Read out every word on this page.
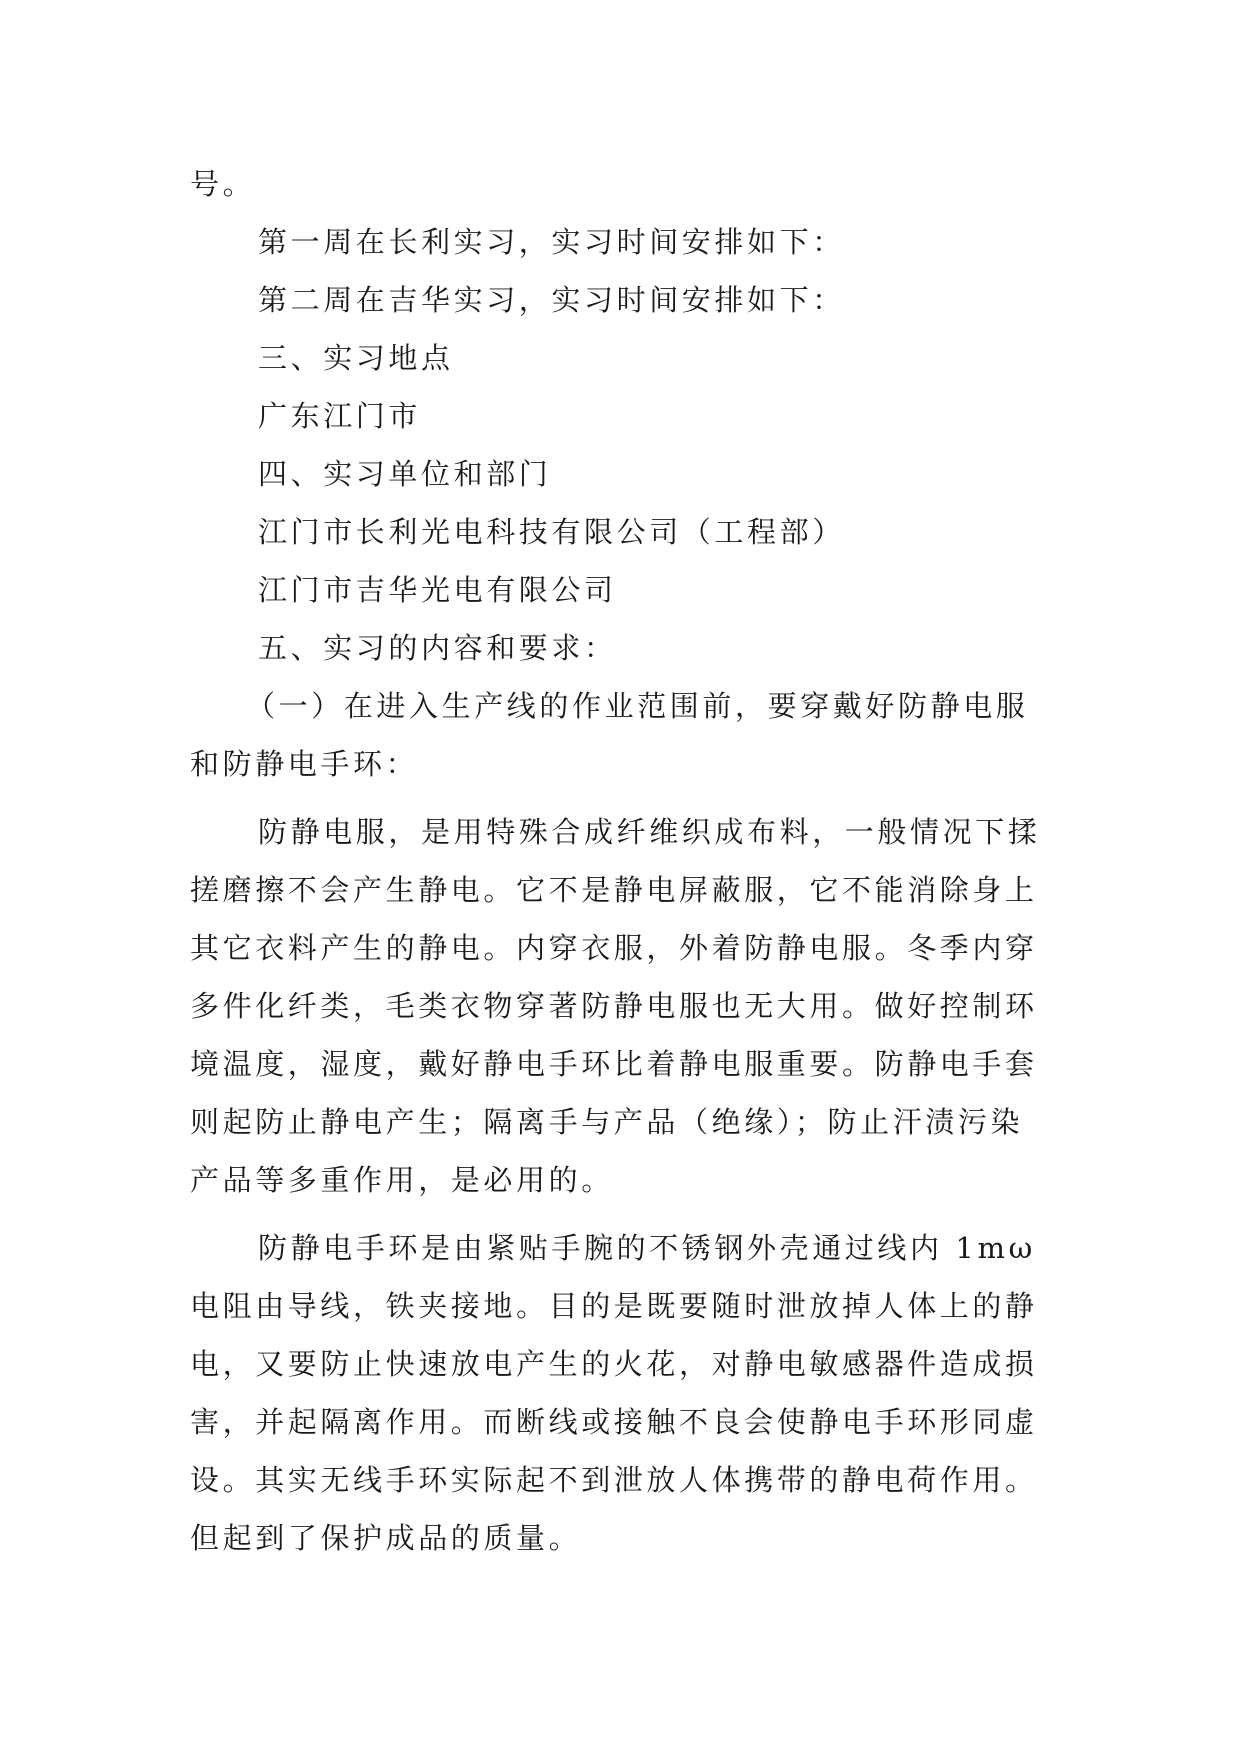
号。
第一周在长利实习，实习时间安排如下：
第二周在吉华实习，实习时间安排如下：
三、实习地点
广东江门市
四、实习单位和部门
江门市长利光电科技有限公司（工程部）
江门市吉华光电有限公司
五、实习的内容和要求：
（一）在进入生产线的作业范围前，要穿戴好防静电服
和防静电手环：
防静电服，是用特殊合成纤维织成布料，一般情况下揉
搓磨擦不会产生静电。它不是静电屏蔽服，它不能消除身上
其它衣料产生的静电。内穿衣服，外着防静电服。冬季内穿
多件化纤类，毛类衣物穿著防静电服也无大用。做好控制环
境温度，湿度，戴好静电手环比着静电服重要。防静电手套
则起防止静电产生；隔离手与产品（绝缘）；防止汗渍污染
产品等多重作用，是必用的。
防静电手环是由紧贴手腕的不锈钢外壳通过线内 1mω
电阻由导线，铁夹接地。目的是既要随时泄放掉人体上的静
电，又要防止快速放电产生的火花，对静电敏感器件造成损
害，并起隔离作用。而断线或接触不良会使静电手环形同虚
设。其实无线手环实际起不到泄放人体携带的静电荷作用。
但起到了保护成品的质量。
